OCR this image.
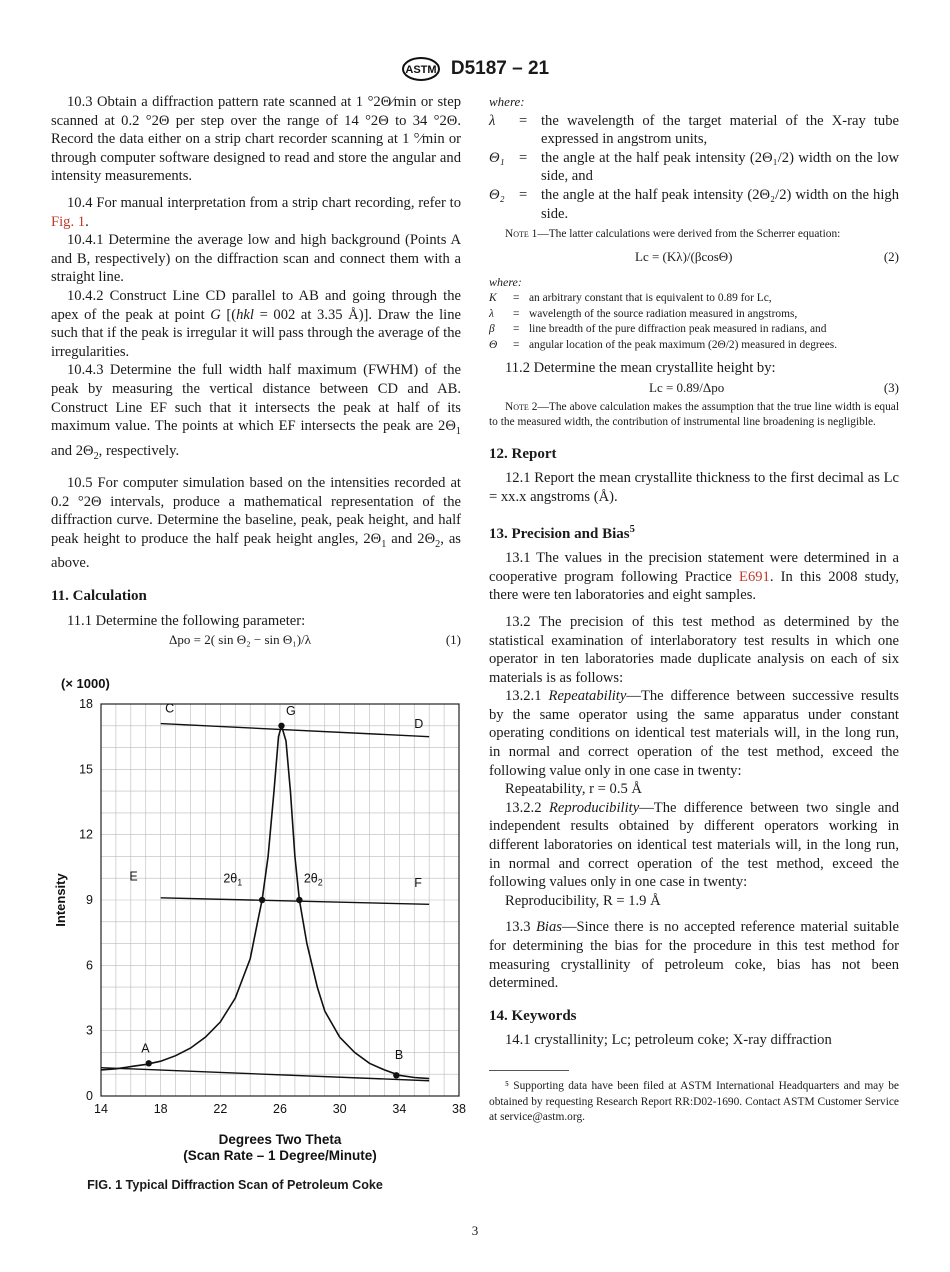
ASTM D5187 – 21

10.3 Obtain a diffraction pattern rate scanned at 1 °2Θ⁄min or step scanned at 0.2 °2Θ per step over the range of 14 °2Θ to 34 °2Θ. Record the data either on a strip chart recorder scanning at 1 °⁄min or through computer software designed to read and store the angular and intensity measurements.

10.4 For manual interpretation from a strip chart recording, refer to Fig. 1.

10.4.1 Determine the average low and high background (Points A and B, respectively) on the diffraction scan and connect them with a straight line.

10.4.2 Construct Line CD parallel to AB and going through the apex of the peak at point G [(hkl = 002 at 3.35 Å)]. Draw the line such that if the peak is irregular it will pass through the average of the irregularities.

10.4.3 Determine the full width half maximum (FWHM) of the peak by measuring the vertical distance between CD and AB. Construct Line EF such that it intersects the peak at half of its maximum value. The points at which EF intersects the peak are $2\Theta_1$ and $2\Theta_2$, respectively.

10.5 For computer simulation based on the intensities recorded at 0.2 °2Θ intervals, produce a mathematical representation of the diffraction curve. Determine the baseline, peak, peak height, and half peak height to produce the half peak height angles, $2\Theta_1$ and $2\Theta_2$, as above.

11. Calculation

11.1 Determine the following parameter:

Δpo = 2( sin Θ₂ − sin Θ₁)/λ	(1)
14	18	22	26	30	34	38
0
3
6
9
12
15
18
(× 1000)
Degrees Two Theta
(Scan Rate – 1 Degree/Minute)
Intensity
C
D
G
E	F
A	B
$2\theta_1$	$2\theta_2$
FIG. 1 Typical Diffraction Scan of Petroleum Coke

where:

λ	= the wavelength of the target material of the X-ray tube expressed in angstrom units,
Θ₁ = the angle at the half peak intensity (2Θ₁/2) width on the low side, and
Θ₂ = the angle at the half peak intensity (2Θ₂/2) width on the high side.

Note 1—The latter calculations were derived from the Scherrer equation:

Lc = (Kλ)/(βcosΘ)	(2)

where:

K	= an arbitrary constant that is equivalent to 0.89 for Lc,
λ	= wavelength of the source radiation measured in angstroms,
β	= line breadth of the pure diffraction peak measured in radians, and
Θ	= angular location of the peak maximum (2Θ/2) measured in degrees.

11.2 Determine the mean crystallite height by:

Lc = 0.89/Δpo	(3)

Note 2—The above calculation makes the assumption that the true line width is equal to the measured width, the contribution of instrumental line broadening is negligible.

12. Report

12.1 Report the mean crystallite thickness to the first decimal as Lc = xx.x angstroms (Å).

13. Precision and Bias$^5$

13.1 The values in the precision statement were determined in a cooperative program following Practice E691. In this 2008 study, there were ten laboratories and eight samples.

13.2 The precision of this test method as determined by the statistical examination of interlaboratory test results in which one operator in ten laboratories made duplicate analysis on each of six materials is as follows:

13.2.1 Repeatability—The difference between successive results by the same operator using the same apparatus under constant operating conditions on identical test materials will, in the long run, in normal and correct operation of the test method, exceed the following value only in one case in twenty:

Repeatability, r = 0.5 Å

13.2.2 Reproducibility—The difference between two single and independent results obtained by different operators working in different laboratories on identical test materials will, in the long run, in normal and correct operation of the test method, exceed the following values only in one case in twenty:

Reproducibility, R = 1.9 Å

13.3 Bias—Since there is no accepted reference material suitable for determining the bias for the procedure in this test method for measuring crystallinity of petroleum coke, bias has not been determined.

14. Keywords

14.1 crystallinity; Lc; petroleum coke; X-ray diffraction

⁵ Supporting data have been filed at ASTM International Headquarters and may be obtained by requesting Research Report RR:D02-1690. Contact ASTM Customer Service at service@astm.org.

3
